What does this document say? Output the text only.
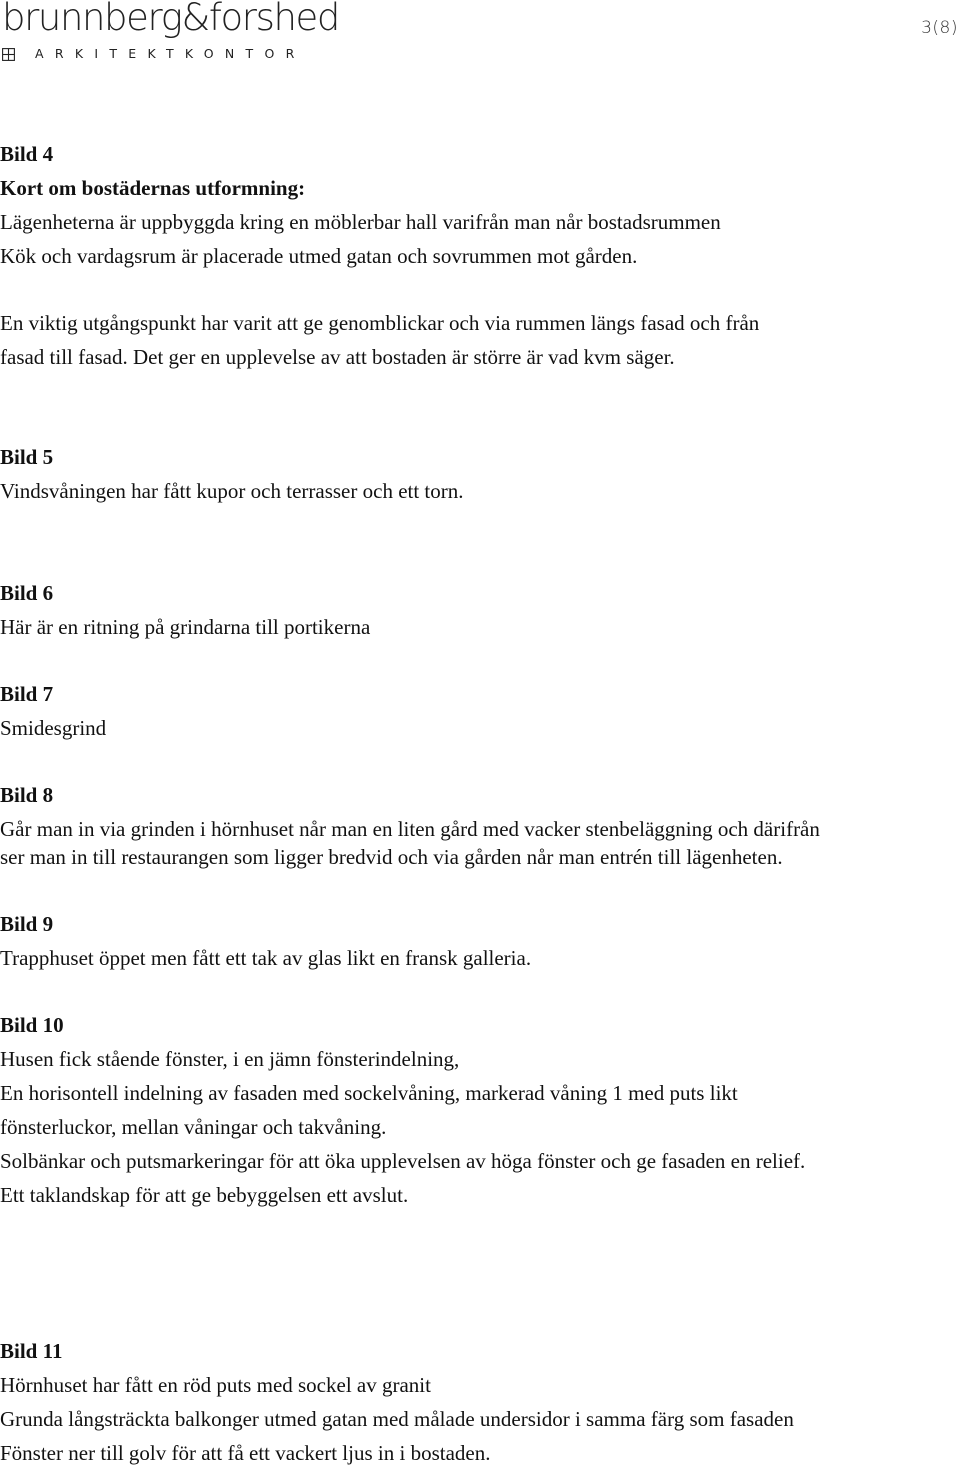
brunnberg&forshed
ARKITEKTKONTOR
3(8)
Bild 4
Kort om bostädernas utformning:
Lägenheterna är uppbyggda kring en möblerbar hall varifrån man når bostadsrummen
Kök och vardagsrum är placerade utmed gatan och sovrummen mot gården.
En viktig utgångspunkt har varit att ge genomblickar och via rummen längs fasad och från
fasad till fasad. Det ger en upplevelse av att bostaden är större är vad kvm säger.
Bild 5
Vindsvåningen har fått kupor och terrasser och ett torn.
Bild 6
Här är en ritning på grindarna till portikerna
Bild 7
Smidesgrind
Bild 8
Går man in via grinden i hörnhuset når man en liten gård med vacker stenbeläggning och därifrån
ser man in till restaurangen som ligger bredvid och via gården når man entrén till lägenheten.
Bild 9
Trapphuset öppet men fått ett tak av glas likt en fransk galleria.
Bild 10
Husen fick stående fönster, i en jämn fönsterindelning,
En horisontell indelning av fasaden med sockelvåning, markerad våning 1 med puts likt
fönsterluckor, mellan våningar och takvåning.
Solbänkar och putsmarkeringar för att öka upplevelsen av höga fönster och ge fasaden en relief.
Ett taklandskap för att ge bebyggelsen ett avslut.
Bild 11
Hörnhuset har fått en röd puts med sockel av granit
Grunda långsträckta balkonger utmed gatan med målade undersidor i samma färg som fasaden
Fönster ner till golv för att få ett vackert ljus in i bostaden.
